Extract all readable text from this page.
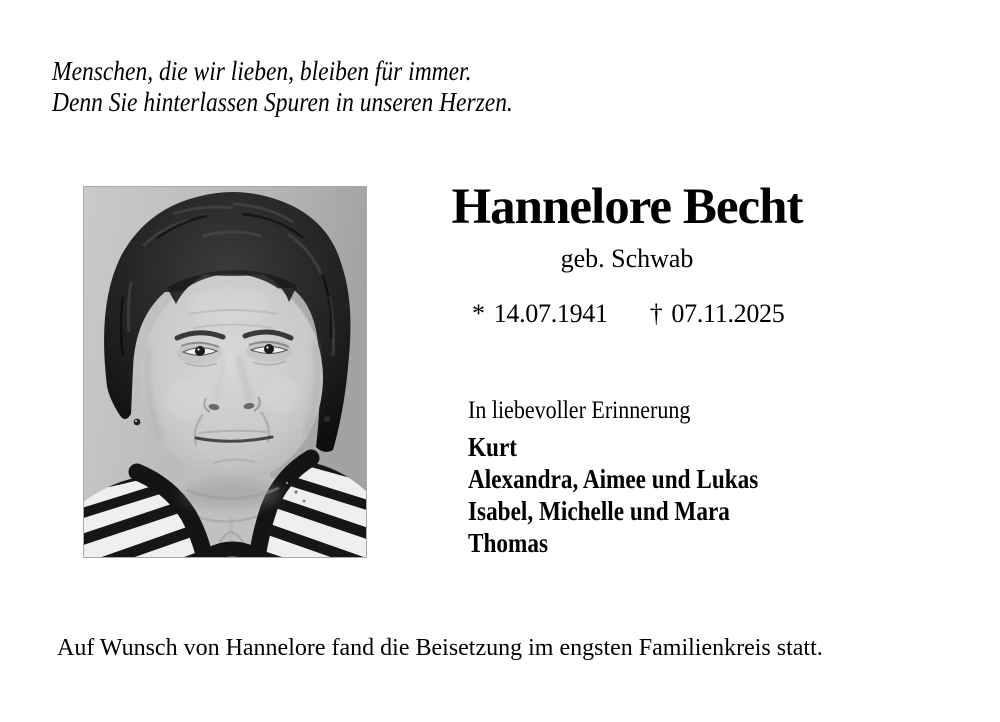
Menschen, die wir lieben, bleiben für immer.
Denn Sie hinterlassen Spuren in unseren Herzen.
Hannelore Becht
geb. Schwab
* 14.07.1941 † 07.11.2025
In liebevoller Erinnerung
Kurt
Alexandra, Aimee und Lukas
Isabel, Michelle und Mara
Thomas
Auf Wunsch von Hannelore fand die Beisetzung im engsten Familienkreis statt.
